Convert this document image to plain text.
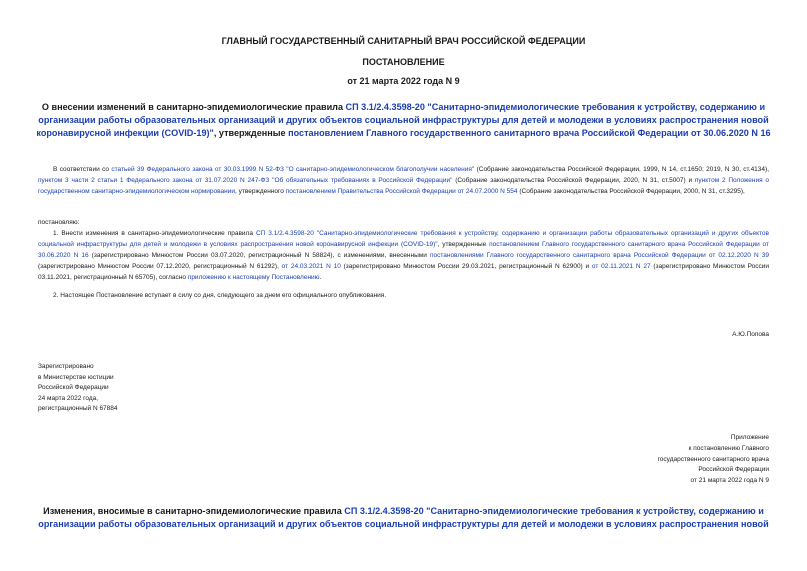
ГЛАВНЫЙ ГОСУДАРСТВЕННЫЙ САНИТАРНЫЙ ВРАЧ РОССИЙСКОЙ ФЕДЕРАЦИИ
ПОСТАНОВЛЕНИЕ
от 21 марта 2022 года N 9
О внесении изменений в санитарно-эпидемиологические правила СП 3.1/2.4.3598-20 "Санитарно-эпидемиологические требования к устройству, содержанию и организации работы образовательных организаций и других объектов социальной инфраструктуры для детей и молодежи в условиях распространения новой коронавирусной инфекции (COVID-19)", утвержденные постановлением Главного государственного санитарного врача Российской Федерации от 30.06.2020 N 16
В соответствии со статьей 39 Федерального закона от 30.03.1999 N 52-ФЗ "О санитарно-эпидемиологическом благополучии населения" (Собрание законодательства Российской Федерации, 1999, N 14, ст.1650; 2019, N 30, ст.4134), пунктом 3 части 2 статьи 1 Федерального закона от 31.07.2020 N 247-ФЗ "Об обязательных требованиях в Российской Федерации" (Собрание законодательства Российской Федерации, 2020, N 31, ст.5007) и пунктом 2 Положения о государственном санитарно-эпидемиологическом нормировании, утвержденного постановлением Правительства Российской Федерации от 24.07.2000 N 554 (Собрание законодательства Российской Федерации, 2000, N 31, ст.3295),
постановляю:
1. Внести изменения в санитарно-эпидемиологические правила СП 3.1/2.4.3598-20 "Санитарно-эпидемиологические требования к устройству, содержанию и организации работы образовательных организаций и других объектов социальной инфраструктуры для детей и молодежи в условиях распространения новой коронавирусной инфекции (COVID-19)", утвержденные постановлением Главного государственного санитарного врача Российской Федерации от 30.06.2020 N 16 (зарегистрировано Минюстом России 03.07.2020, регистрационный N 58824), с изменениями, внесенными постановлениями Главного государственного санитарного врача Российской Федерации от 02.12.2020 N 39 (зарегистрировано Минюстом России 07.12.2020, регистрационный N 61292), от 24.03.2021 N 10 (зарегистрировано Минюстом России 29.03.2021, регистрационный N 62900) и от 02.11.2021 N 27 (зарегистрировано Минюстом России 03.11.2021, регистрационный N 65705), согласно приложению к настоящему Постановлению.
2. Настоящее Постановление вступает в силу со дня, следующего за днем его официального опубликования.
А.Ю.Попова
Зарегистрировано
в Министерстве юстиции
Российской Федерации
24 марта 2022 года,
регистрационный N 67884
Приложение
к постановлению Главного
государственного санитарного врача
Российской Федерации
от 21 марта 2022 года N 9
Изменения, вносимые в санитарно-эпидемиологические правила СП 3.1/2.4.3598-20 "Санитарно-эпидемиологические требования к устройству, содержанию и организации работы образовательных организаций и других объектов социальной инфраструктуры для детей и молодежи в условиях распространения новой
